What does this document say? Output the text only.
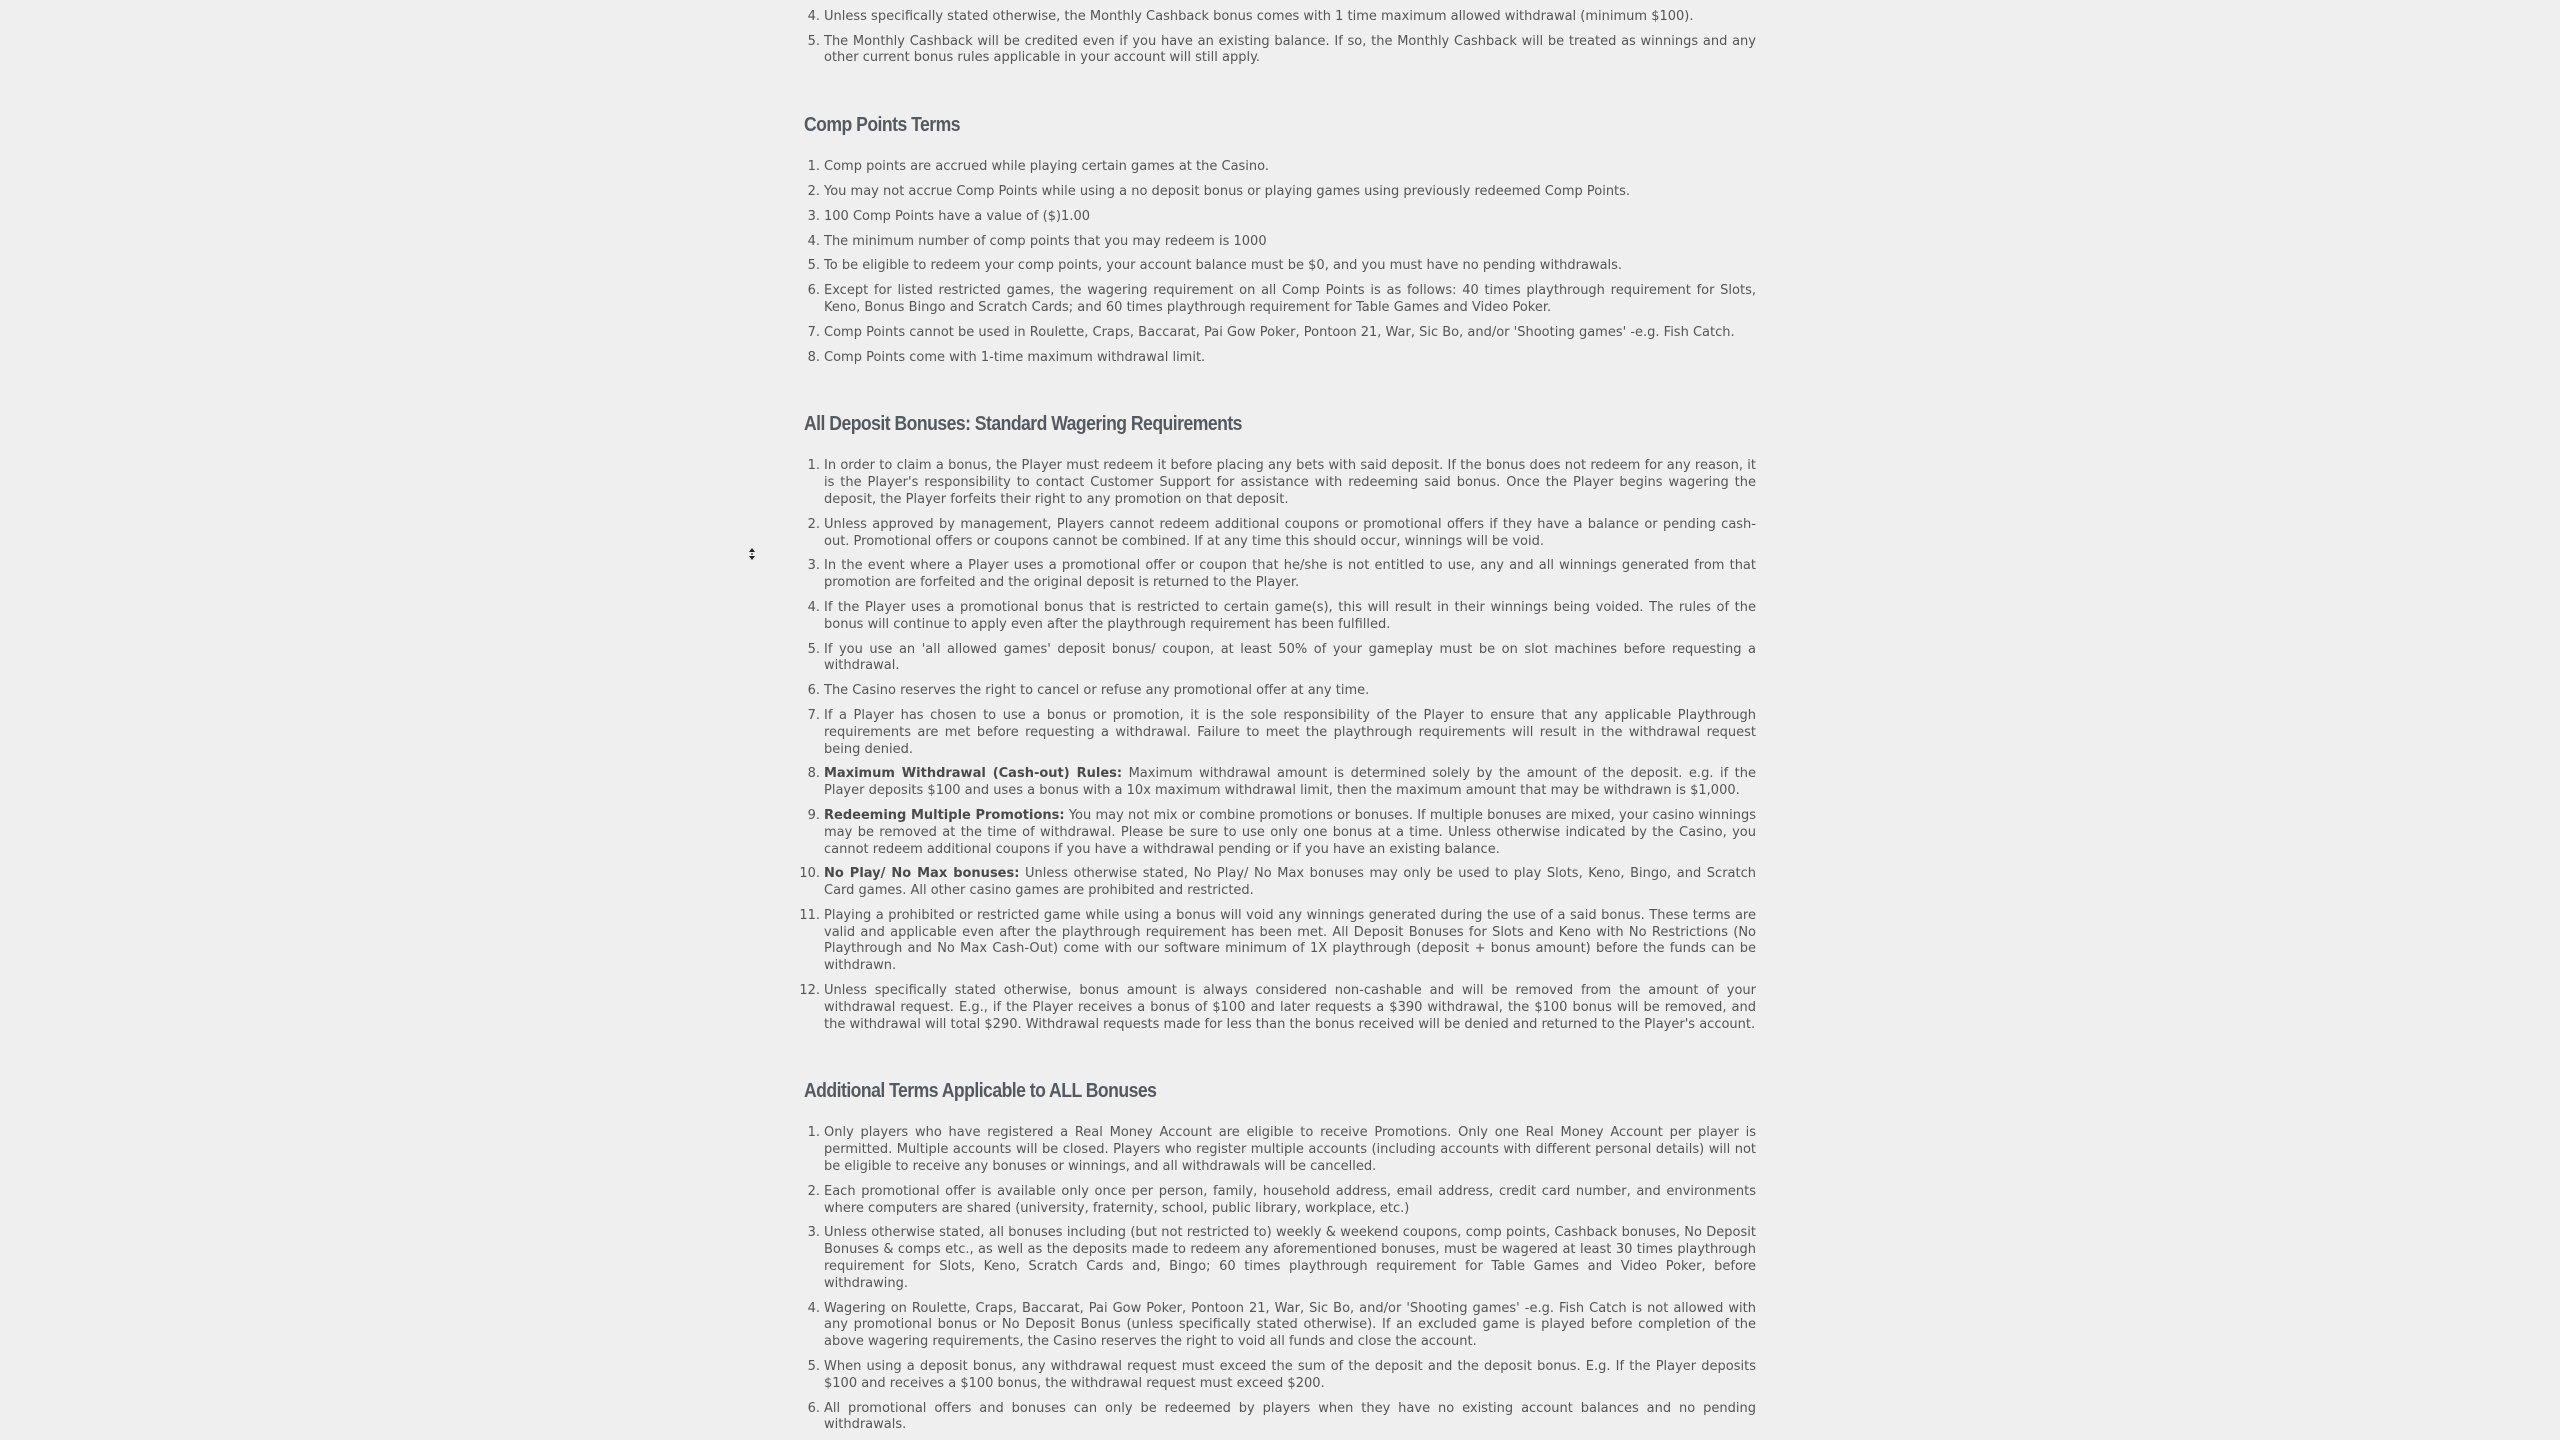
4. Unless specifically stated otherwise, the Monthly Cashback bonus comes with 1 time maximum allowed withdrawal (minimum $100).
5. The Monthly Cashback will be credited even if you have an existing balance. If so, the Monthly Cashback will be treated as winnings and any other current bonus rules applicable in your account will still apply.
Comp Points Terms
1. Comp points are accrued while playing certain games at the Casino.
2. You may not accrue Comp Points while using a no deposit bonus or playing games using previously redeemed Comp Points.
3. 100 Comp Points have a value of ($)1.00
4. The minimum number of comp points that you may redeem is 1000
5. To be eligible to redeem your comp points, your account balance must be $0, and you must have no pending withdrawals.
6. Except for listed restricted games, the wagering requirement on all Comp Points is as follows: 40 times playthrough requirement for Slots, Keno, Bonus Bingo and Scratch Cards; and 60 times playthrough requirement for Table Games and Video Poker.
7. Comp Points cannot be used in Roulette, Craps, Baccarat, Pai Gow Poker, Pontoon 21, War, Sic Bo, and/or 'Shooting games' -e.g. Fish Catch.
8. Comp Points come with 1-time maximum withdrawal limit.
All Deposit Bonuses: Standard Wagering Requirements
1. In order to claim a bonus, the Player must redeem it before placing any bets with said deposit. If the bonus does not redeem for any reason, it is the Player's responsibility to contact Customer Support for assistance with redeeming said bonus. Once the Player begins wagering the deposit, the Player forfeits their right to any promotion on that deposit.
2. Unless approved by management, Players cannot redeem additional coupons or promotional offers if they have a balance or pending cash-out. Promotional offers or coupons cannot be combined. If at any time this should occur, winnings will be void.
3. In the event where a Player uses a promotional offer or coupon that he/she is not entitled to use, any and all winnings generated from that promotion are forfeited and the original deposit is returned to the Player.
4. If the Player uses a promotional bonus that is restricted to certain game(s), this will result in their winnings being voided. The rules of the bonus will continue to apply even after the playthrough requirement has been fulfilled.
5. If you use an 'all allowed games' deposit bonus/ coupon, at least 50% of your gameplay must be on slot machines before requesting a withdrawal.
6. The Casino reserves the right to cancel or refuse any promotional offer at any time.
7. If a Player has chosen to use a bonus or promotion, it is the sole responsibility of the Player to ensure that any applicable Playthrough requirements are met before requesting a withdrawal. Failure to meet the playthrough requirements will result in the withdrawal request being denied.
8. Maximum Withdrawal (Cash-out) Rules: Maximum withdrawal amount is determined solely by the amount of the deposit. e.g. if the Player deposits $100 and uses a bonus with a 10x maximum withdrawal limit, then the maximum amount that may be withdrawn is $1,000.
9. Redeeming Multiple Promotions: You may not mix or combine promotions or bonuses. If multiple bonuses are mixed, your casino winnings may be removed at the time of withdrawal. Please be sure to use only one bonus at a time. Unless otherwise indicated by the Casino, you cannot redeem additional coupons if you have a withdrawal pending or if you have an existing balance.
10. No Play/ No Max bonuses: Unless otherwise stated, No Play/ No Max bonuses may only be used to play Slots, Keno, Bingo, and Scratch Card games. All other casino games are prohibited and restricted.
11. Playing a prohibited or restricted game while using a bonus will void any winnings generated during the use of a said bonus. These terms are valid and applicable even after the playthrough requirement has been met. All Deposit Bonuses for Slots and Keno with No Restrictions (No Playthrough and No Max Cash-Out) come with our software minimum of 1X playthrough (deposit + bonus amount) before the funds can be withdrawn.
12. Unless specifically stated otherwise, bonus amount is always considered non-cashable and will be removed from the amount of your withdrawal request. E.g., if the Player receives a bonus of $100 and later requests a $390 withdrawal, the $100 bonus will be removed, and the withdrawal will total $290. Withdrawal requests made for less than the bonus received will be denied and returned to the Player's account.
Additional Terms Applicable to ALL Bonuses
1. Only players who have registered a Real Money Account are eligible to receive Promotions. Only one Real Money Account per player is permitted. Multiple accounts will be closed. Players who register multiple accounts (including accounts with different personal details) will not be eligible to receive any bonuses or winnings, and all withdrawals will be cancelled.
2. Each promotional offer is available only once per person, family, household address, email address, credit card number, and environments where computers are shared (university, fraternity, school, public library, workplace, etc.)
3. Unless otherwise stated, all bonuses including (but not restricted to) weekly & weekend coupons, comp points, Cashback bonuses, No Deposit Bonuses & comps etc., as well as the deposits made to redeem any aforementioned bonuses, must be wagered at least 30 times playthrough requirement for Slots, Keno, Scratch Cards and, Bingo; 60 times playthrough requirement for Table Games and Video Poker, before withdrawing.
4. Wagering on Roulette, Craps, Baccarat, Pai Gow Poker, Pontoon 21, War, Sic Bo, and/or 'Shooting games' -e.g. Fish Catch is not allowed with any promotional bonus or No Deposit Bonus (unless specifically stated otherwise). If an excluded game is played before completion of the above wagering requirements, the Casino reserves the right to void all funds and close the account.
5. When using a deposit bonus, any withdrawal request must exceed the sum of the deposit and the deposit bonus. E.g. If the Player deposits $100 and receives a $100 bonus, the withdrawal request must exceed $200.
6. All promotional offers and bonuses can only be redeemed by players when they have no existing account balances and no pending withdrawals.
